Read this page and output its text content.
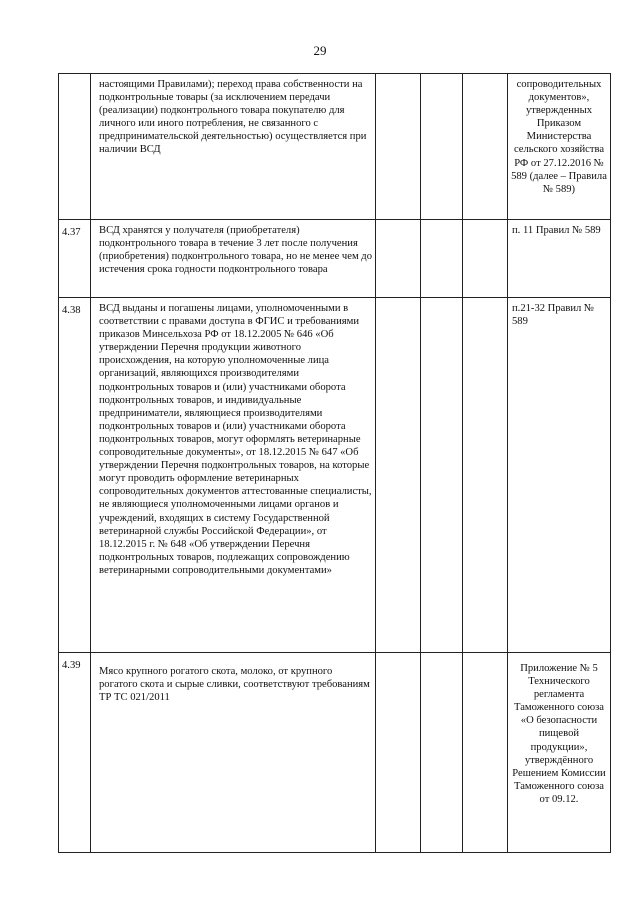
29

	настоящими Правилами); переход права собственности на подконтрольные товары (за исключением передачи (реализации) подконтрольного товара покупателю для личного или иного потребления, не связанного с предпринимательской деятельностью) осуществляется при наличии ВСД				сопроводительных документов», утвержденных Приказом Министерства сельского хозяйства РФ от 27.12.2016 № 589 (далее – Правила № 589)

4.37	ВСД хранятся у получателя (приобретателя) подконтрольного товара в течение 3 лет после получения (приобретения) подконтрольного товара, но не менее чем до истечения срока годности подконтрольного товара				п. 11 Правил № 589

4.38	ВСД выданы и погашены лицами, уполномоченными в соответствии с правами доступа в ФГИС и требованиями приказов Минсельхоза РФ от 18.12.2005 № 646 «Об утверждении Перечня продукции животного происхождения, на которую уполномоченные лица организаций, являющихся производителями подконтрольных товаров и (или) участниками оборота подконтрольных товаров, и индивидуальные предприниматели, являющиеся производителями подконтрольных товаров и (или) участниками оборота подконтрольных товаров, могут оформлять ветеринарные сопроводительные документы», от 18.12.2015 № 647 «Об утверждении Перечня подконтрольных товаров, на которые могут проводить оформление ветеринарных сопроводительных документов аттестованные специалисты, не являющиеся уполномоченными лицами органов и учреждений, входящих в систему Государственной ветеринарной службы Российской Федерации», от 18.12.2015 г. № 648 «Об утверждении Перечня подконтрольных товаров, подлежащих сопровождению ветеринарными сопроводительными документами»				п.21-32 Правил № 589

4.39	Мясо крупного рогатого скота, молоко, от крупного рогатого скота и сырые сливки, соответствуют требованиям ТР ТС 021/2011				Приложение № 5 Технического регламента Таможенного союза «О безопасности пищевой продукции», утверждённого Решением Комиссии Таможенного союза от 09.12.
